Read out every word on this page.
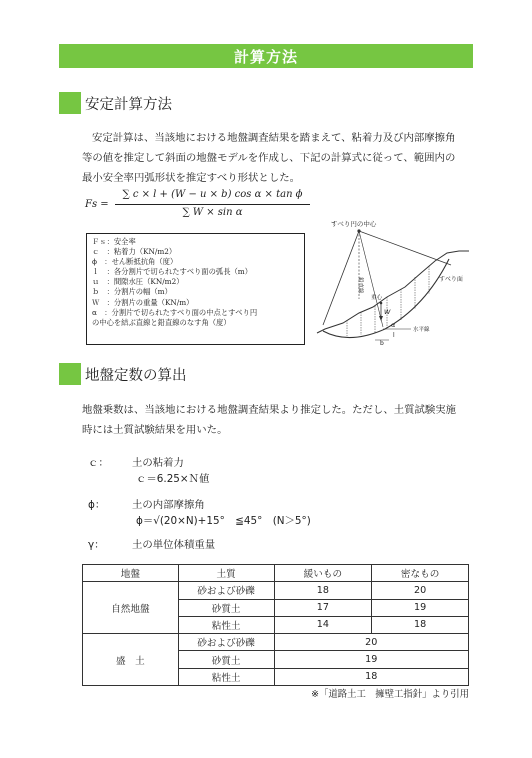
計算方法
安定計算方法
安定計算は、当該地における地盤調査結果を踏まえて、粘着力及び内部摩擦角
等の値を推定して斜面の地盤モデルを作成し、下記の計算式に従って、範囲内の
最小安全率円弧形状を推定すべり形状とした。
Fs =
∑ c × l + (W − u × b) cos α × tan ϕ
∑ W × sin α
Ｆｓ：安全率
ｃ　：粘着力（KN/m2）
ϕ　：せん断抵抗角（度）
ｌ　：各分割片で切られたすべり面の弧長（m）
ｕ　：間隙水圧（KN/m2）
ｂ　：分割片の幅（m）
Ｗ　：分割片の重量（KN/m）
α　：分割片で切られたすべり面の中点とすべり円
の中心を結ぶ直線と鉛直線のなす角（度）
すべり円の中心
鉛直線	すべり面
重心
W
α
b
l
水平線
地盤定数の算出
地盤乗数は、当該地における地盤調査結果より推定した。ただし、土質試験実施
時には土質試験結果を用いた。
ｃ： 土の粘着力
ｃ＝6.25×Ｎ値
ϕ：	土の内部摩擦角
ϕ＝√(20×N)+15°　≦45°　(N＞5°)
γ：	土の単位体積重量
地盤	土質	緩いもの	密なもの
自然地盤	砂および砂礫	18	20
	砂質土	17	19
	粘性土	14	18
盛　土	砂および砂礫	20	
	砂質土	19	
	粘性土	18	
※「道路土工　擁壁工指針」より引用
